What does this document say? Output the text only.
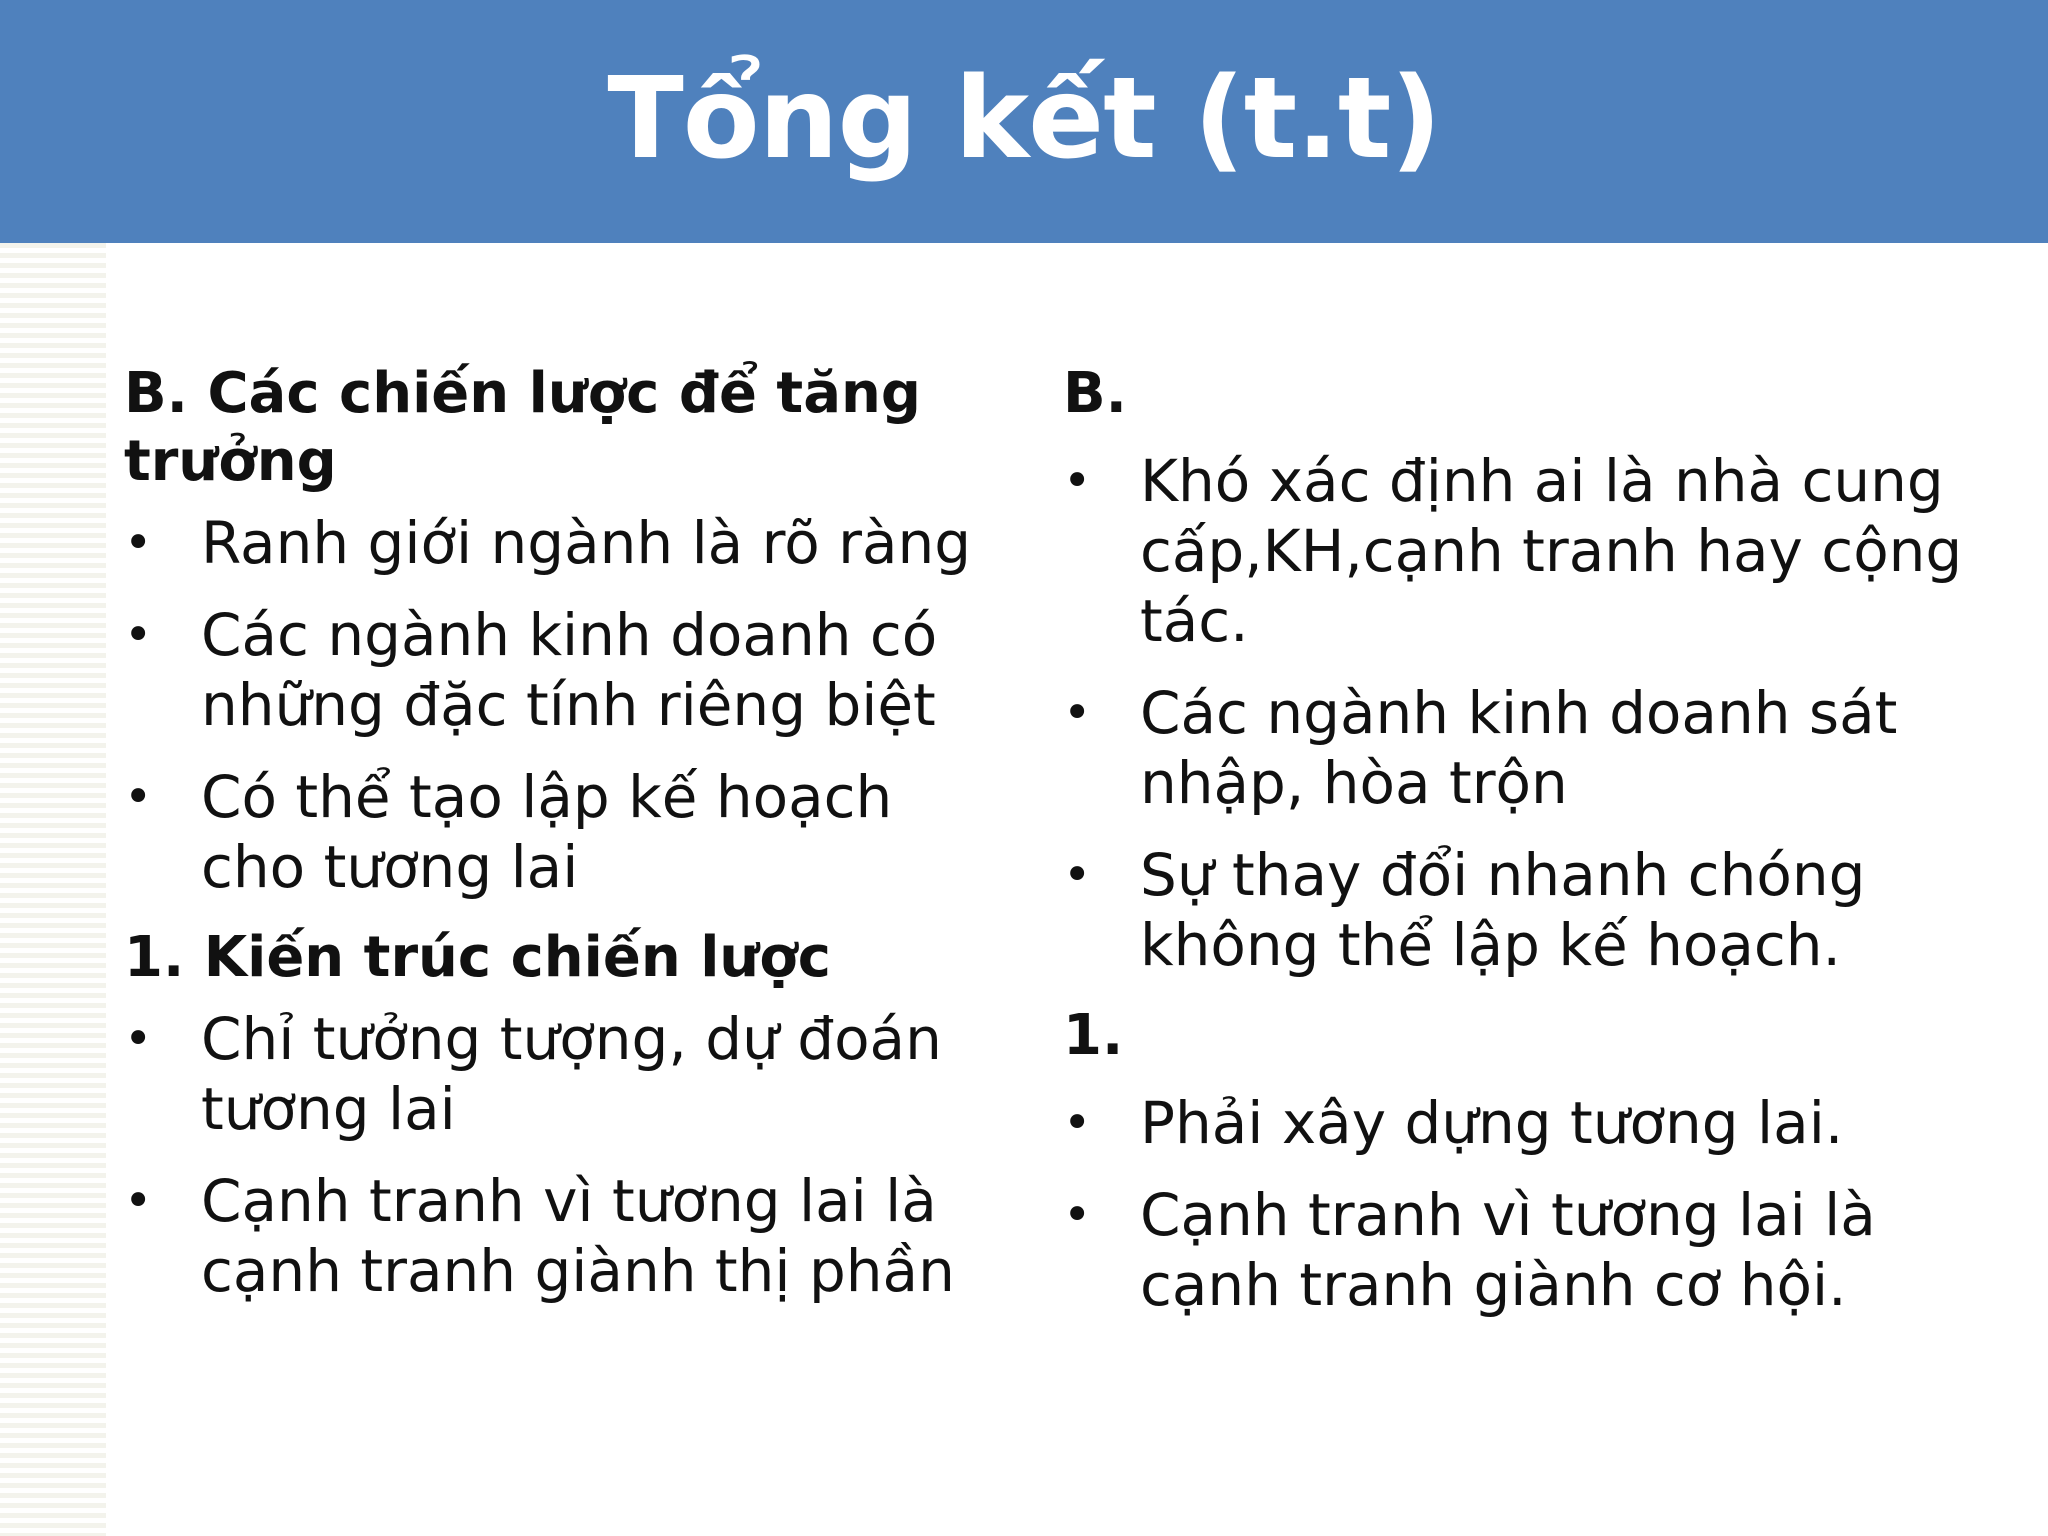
Tổng kết (t.t)

B. Các chiến lược để tăng trưởng

• Ranh giới ngành là rõ ràng
• Các ngành kinh doanh có những đặc tính riêng biệt
• Có thể tạo lập kế hoạch cho tương lai

1. Kiến trúc chiến lược

• Chỉ tưởng tượng, dự đoán tương lai
• Cạnh tranh vì tương lai là cạnh tranh giành thị phần

B.

• Khó xác định ai là nhà cung cấp,KH,cạnh tranh hay cộng tác.
• Các ngành kinh doanh sát nhập, hòa trộn
• Sự thay đổi nhanh chóng không thể lập kế hoạch.

1.

• Phải xây dựng tương lai.
• Cạnh tranh vì tương lai là cạnh tranh giành cơ hội.
